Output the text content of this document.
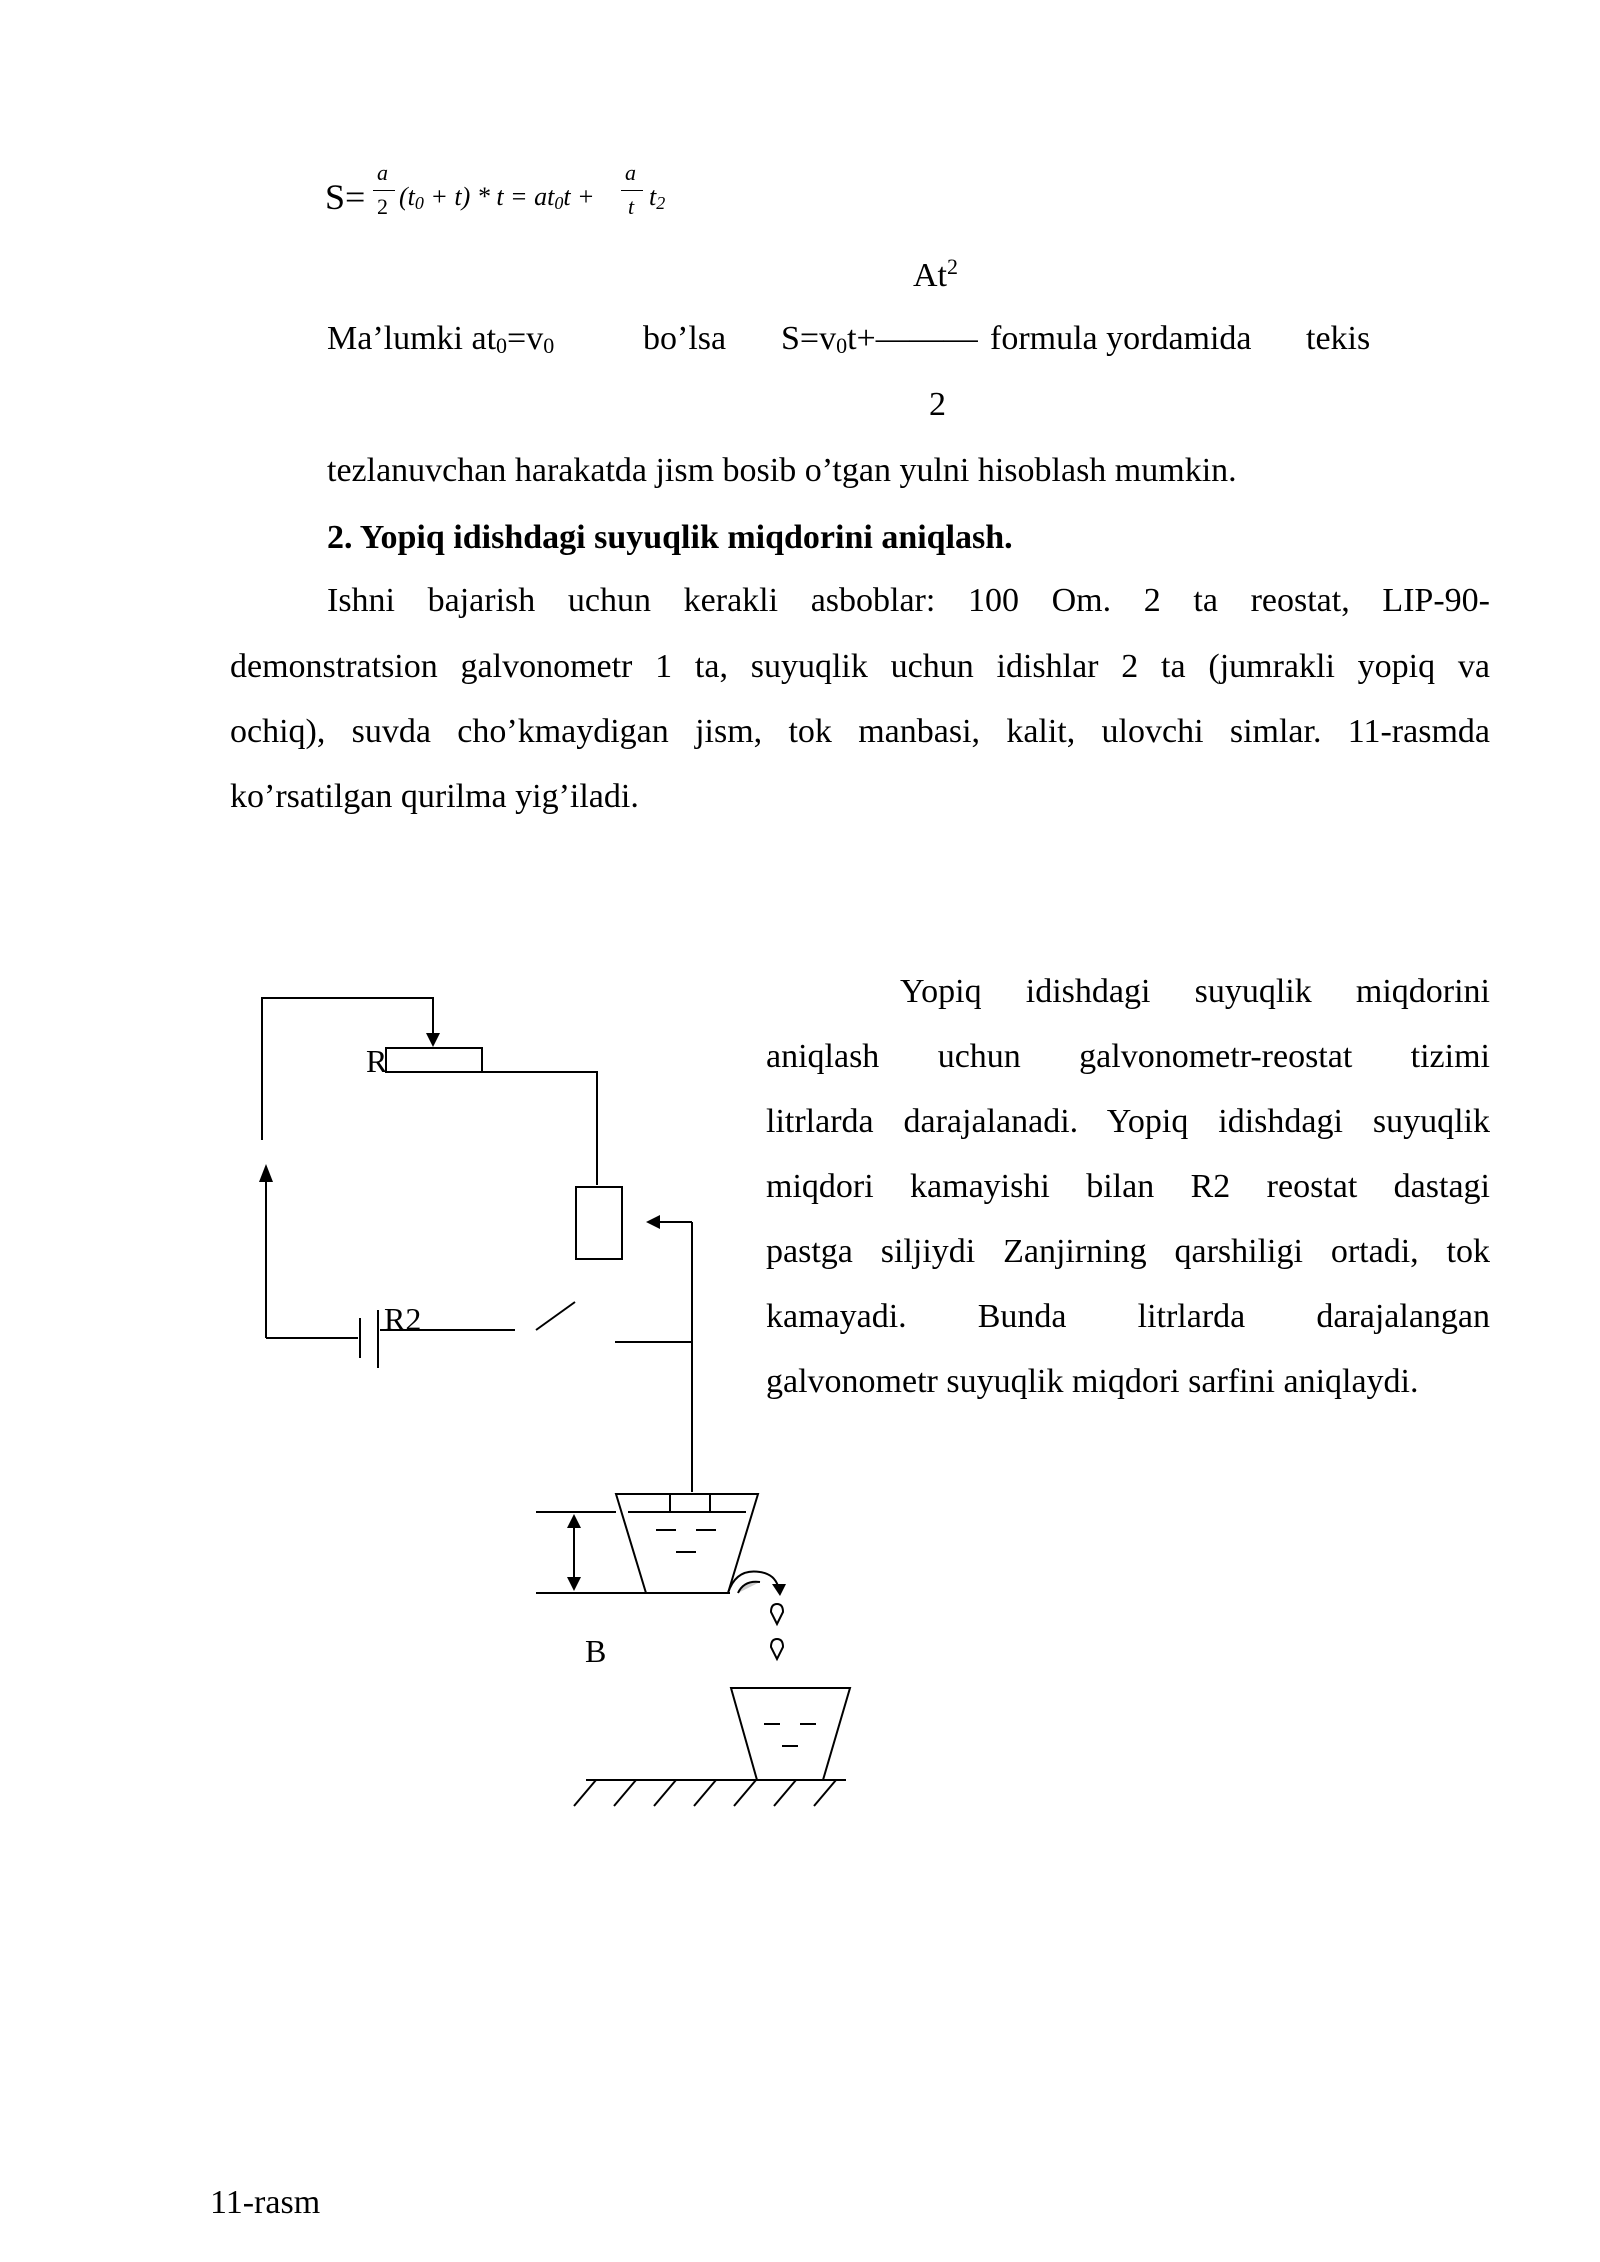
S=
a
2 $(t_0 + t) * t = at_0t$ +
a
t $t_2$
At$^2$
Ma’lumki $at_0=v_0$	bo’lsa $S=v_0t+———$ formula yordamida tekis
2
tezlanuvchan harakatda jism bosib o’tgan yulni hisoblash mumkin.
2. Yopiq idishdagi suyuqlik miqdorini aniqlash.
Ishni bajarish uchun kerakli asboblar: 100 Om. 2 ta reostat, LIP-90-
demonstratsion galvonometr 1 ta, suyuqlik uchun idishlar 2 ta (jumrakli yopiq va
ochiq), suvda cho’kmaydigan jism, tok manbasi, kalit, ulovchi simlar. 11-rasmda
ko’rsatilgan qurilma yig’iladi.
Yopiq idishdagi suyuqlik miqdorini
aniqlash uchun galvonometr-reostat tizimi
litrlarda darajalanadi. Yopiq idishdagi suyuqlik
miqdori kamayishi bilan R2 reostat dastagi
pastga siljiydi Zanjirning qarshiligi ortadi, tok
kamayadi. Bunda litrlarda darajalangan
galvonometr suyuqlik miqdori sarfini aniqlaydi.
R
R2
B
11-rasm
